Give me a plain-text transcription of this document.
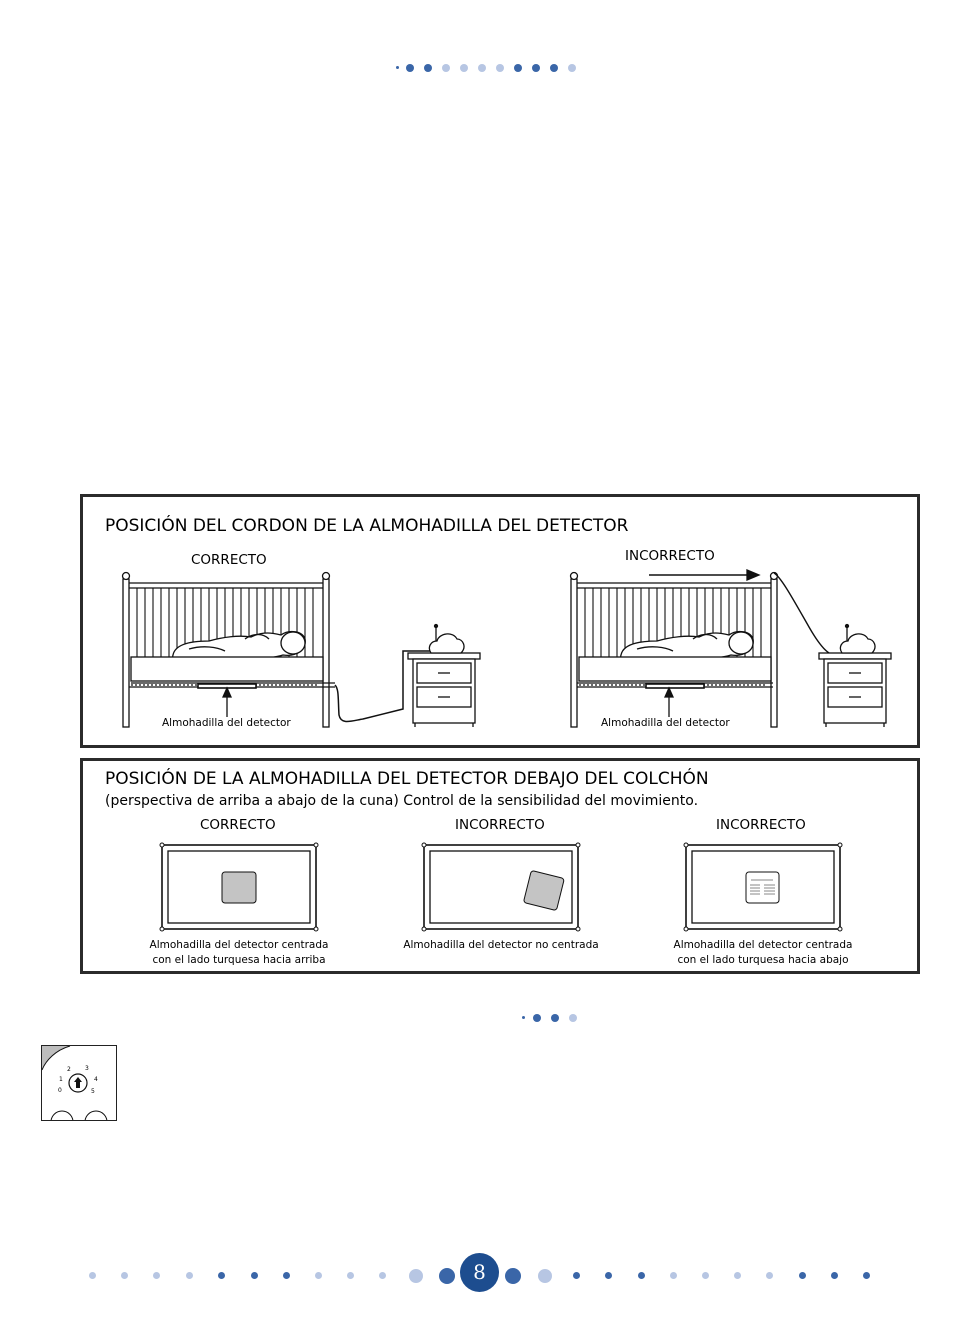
POSICIÓN DEL CORDON DE LA ALMOHADILLA DEL DETECTOR
CORRECTO	INCORRECTO
Almohadilla del detector	Almohadilla del detector
POSICIÓN DE LA ALMOHADILLA DEL DETECTOR DEBAJO DEL COLCHÓN
(perspectiva de arriba a abajo de la cuna) Control de la sensibilidad del movimiento.
CORRECTO	INCORRECTO	INCORRECTO
Almohadilla del detector centrada
con el lado turquesa hacia arriba
Almohadilla del detector no centrada	Almohadilla del detector centrada
con el lado turquesa hacia abajo
0
1
2 3
4
5
8
